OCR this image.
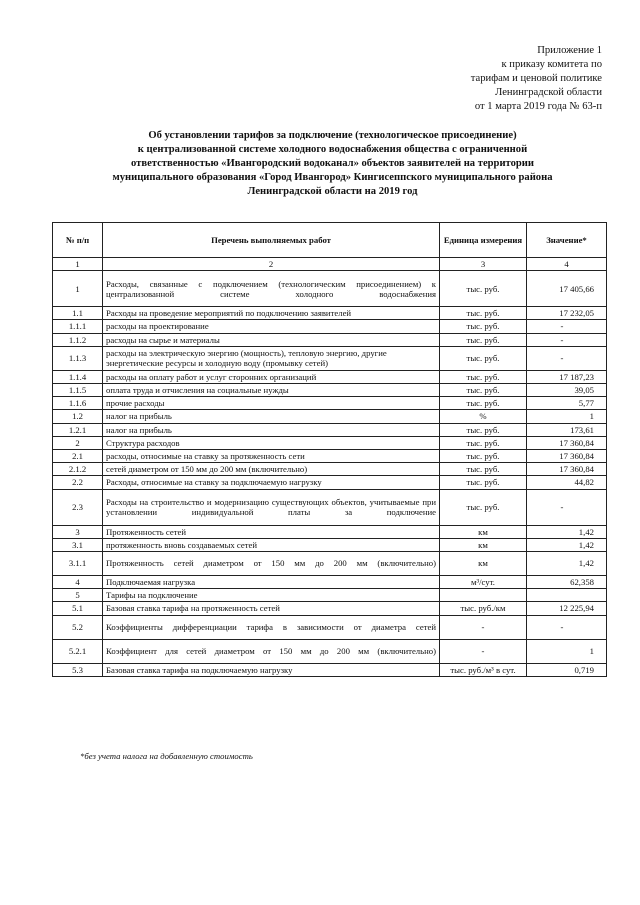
Приложение 1
к приказу комитета по
тарифам и ценовой политике
Ленинградской области
от 1 марта 2019 года № 63-п
Об установлении тарифов за подключение (технологическое присоединение)
к централизованной системе холодного водоснабжения общества с ограниченной
ответственностью «Ивангородский водоканал» объектов заявителей на территории
муниципального образования «Город Ивангород» Кингисеппского муниципального района
Ленинградской области на 2019 год
№ п/п	Перечень выполняемых работ	Единица измерения	Значение*
1	2	3	4
1	Расходы, связанные с подключением (технологическим присоединением) к централизованной системе холодного водоснабжения	тыс. руб.	17 405,66
1.1	Расходы на проведение мероприятий по подключению заявителей	тыс. руб.	17 232,05
1.1.1	расходы на проектирование	тыс. руб.	-
1.1.2	расходы на сырье и материалы	тыс. руб.	-
1.1.3	расходы на электрическую энергию (мощность), тепловую энергию, другие энергетические ресурсы и холодную воду (промывку сетей)	тыс. руб.	-
1.1.4	расходы на оплату работ и услуг сторонних организаций	тыс. руб.	17 187,23
1.1.5	оплата труда и отчисления на социальные нужды	тыс. руб.	39,05
1.1.6	прочие расходы	тыс. руб.	5,77
1.2	налог на прибыль	%	1
1.2.1	налог на прибыль	тыс. руб.	173,61
2	Структура расходов	тыс. руб.	17 360,84
2.1	расходы, относимые на ставку за протяженность сети	тыс. руб.	17 360,84
2.1.2	сетей диаметром от 150 мм до 200 мм (включительно)	тыс. руб.	17 360,84
2.2	Расходы, относимые на ставку за подключаемую нагрузку	тыс. руб.	44,82
2.3	Расходы на строительство и модернизацию существующих объектов, учитываемые при установлении индивидуальной платы за подключение	тыс. руб.	-
3	Протяженность сетей	км	1,42
3.1	протяженность вновь создаваемых сетей	км	1,42
3.1.1	Протяженность сетей диаметром от 150 мм до 200 мм (включительно)	км	1,42
4	Подключаемая нагрузка	м³/сут.	62,358
5	Тарифы на подключение		
5.1	Базовая ставка тарифа на протяженность сетей	тыс. руб./км	12 225,94
5.2	Коэффициенты дифференциации тарифа в зависимости от диаметра сетей	-	-
5.2.1	Коэффициент для сетей диаметром от 150 мм до 200 мм (включительно)	-	1
5.3	Базовая ставка тарифа на подключаемую нагрузку	тыс. руб./м³ в сут.	0,719
*без учета налога на добавленную стоимость
